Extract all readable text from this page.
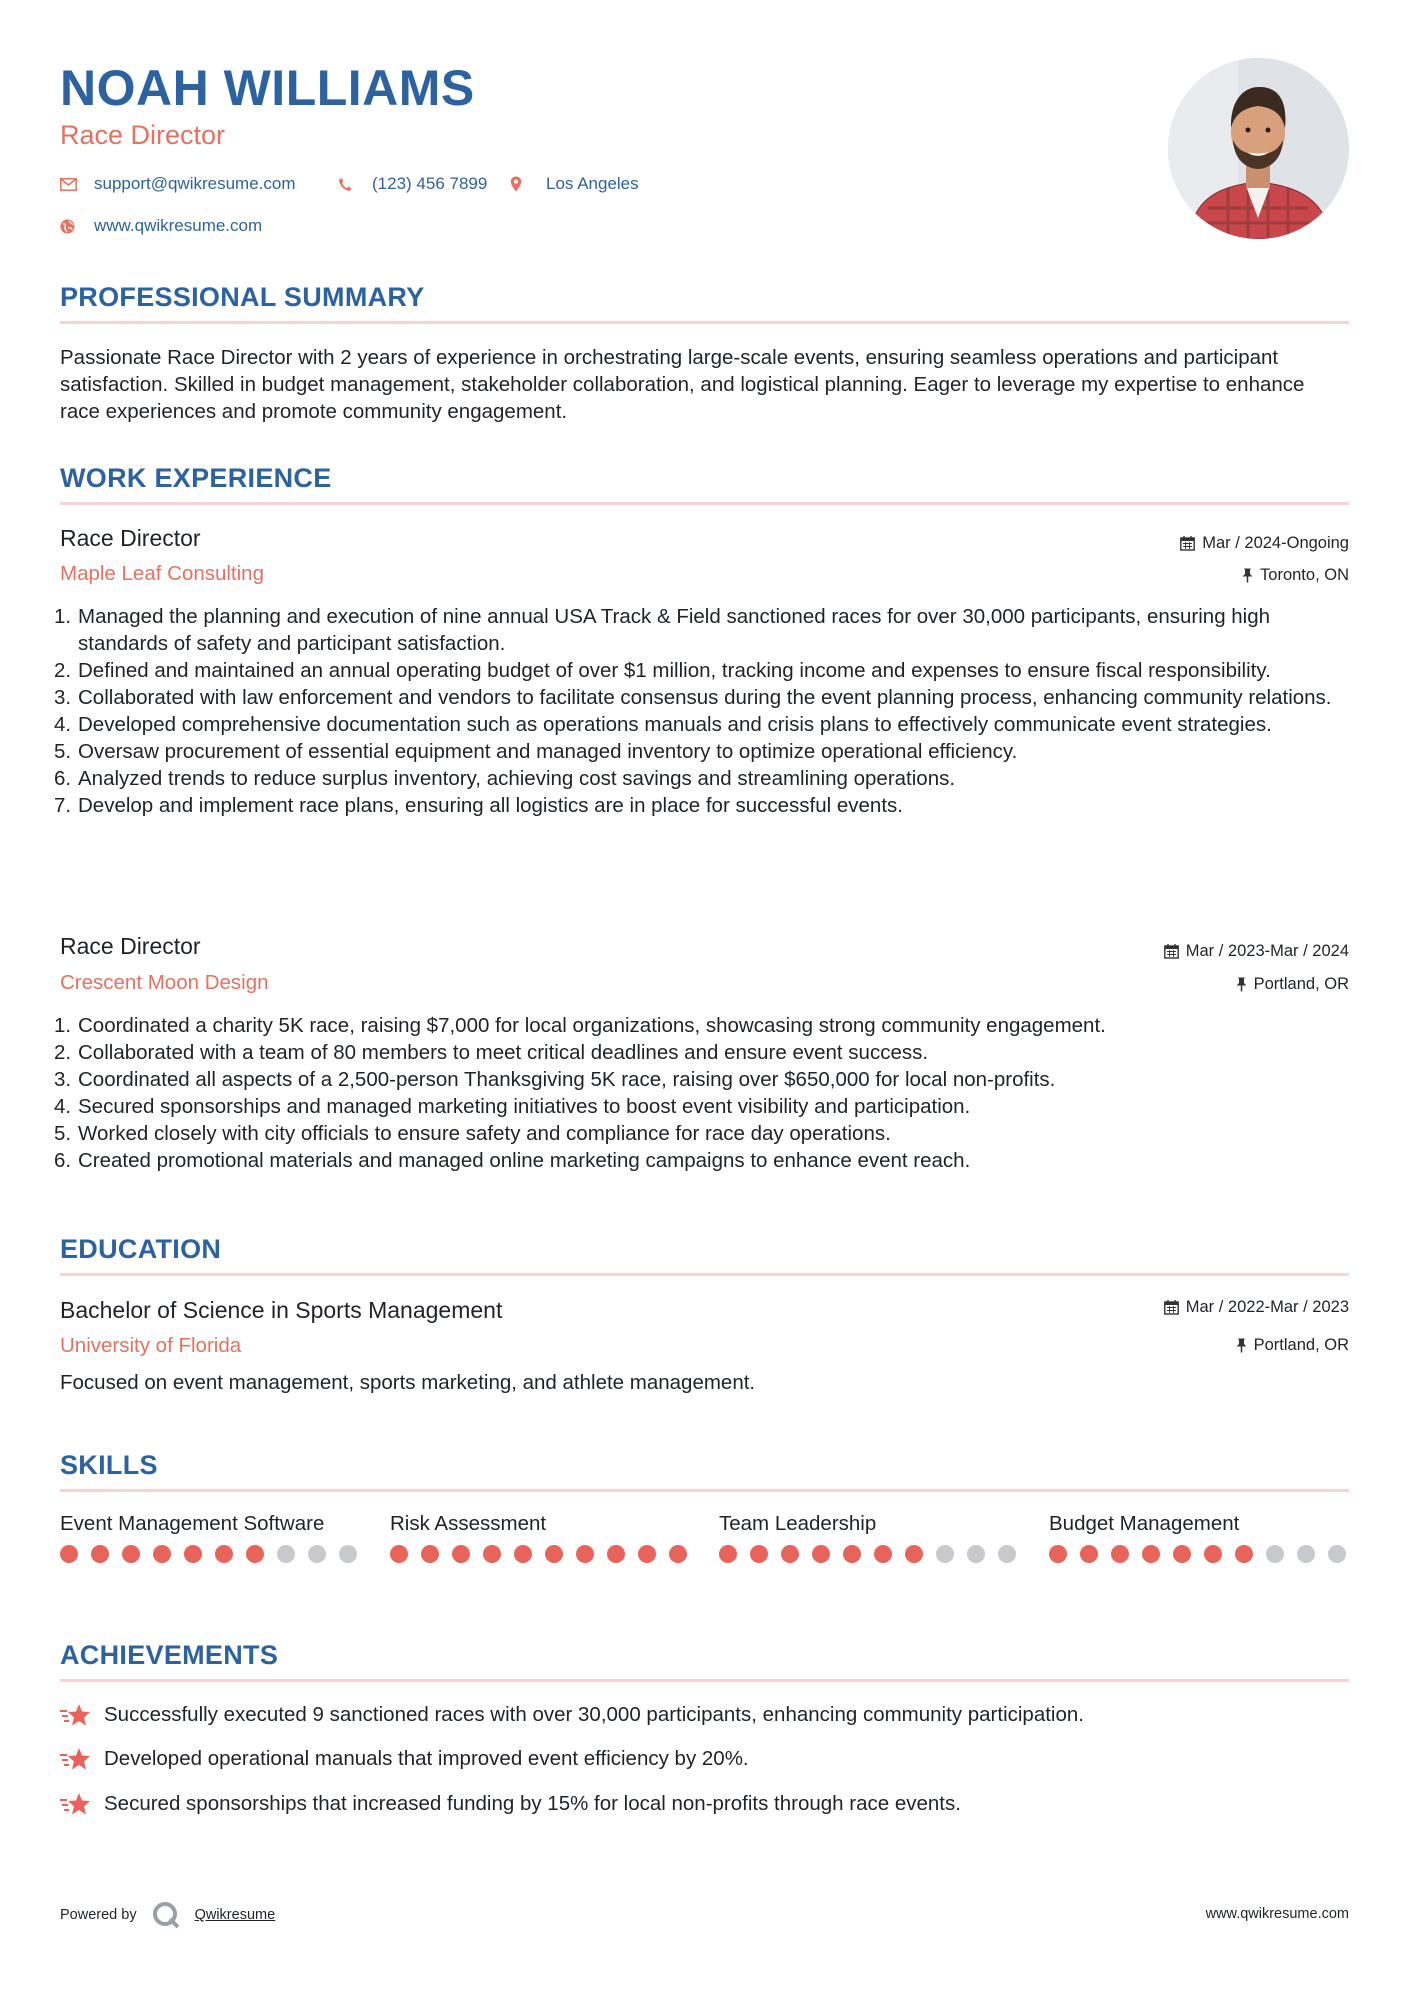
NOAH WILLIAMS
Race Director
support@qwikresume.com	(123) 456 7899	Los Angeles
www.qwikresume.com
PROFESSIONAL SUMMARY
Passionate Race Director with 2 years of experience in orchestrating large-scale events, ensuring seamless operations and participant satisfaction. Skilled in budget management, stakeholder collaboration, and logistical planning. Eager to leverage my expertise to enhance race experiences and promote community engagement.
WORK EXPERIENCE
Race Director	Mar / 2024-Ongoing
Maple Leaf Consulting	Toronto, ON
1. Managed the planning and execution of nine annual USA Track & Field sanctioned races for over 30,000 participants, ensuring high standards of safety and participant satisfaction.
2. Defined and maintained an annual operating budget of over $1 million, tracking income and expenses to ensure fiscal responsibility.
3. Collaborated with law enforcement and vendors to facilitate consensus during the event planning process, enhancing community relations.
4. Developed comprehensive documentation such as operations manuals and crisis plans to effectively communicate event strategies.
5. Oversaw procurement of essential equipment and managed inventory to optimize operational efficiency.
6. Analyzed trends to reduce surplus inventory, achieving cost savings and streamlining operations.
7. Develop and implement race plans, ensuring all logistics are in place for successful events.
Race Director	Mar / 2023-Mar / 2024
Crescent Moon Design	Portland, OR
1. Coordinated a charity 5K race, raising $7,000 for local organizations, showcasing strong community engagement.
2. Collaborated with a team of 80 members to meet critical deadlines and ensure event success.
3. Coordinated all aspects of a 2,500-person Thanksgiving 5K race, raising over $650,000 for local non-profits.
4. Secured sponsorships and managed marketing initiatives to boost event visibility and participation.
5. Worked closely with city officials to ensure safety and compliance for race day operations.
6. Created promotional materials and managed online marketing campaigns to enhance event reach.
EDUCATION
Bachelor of Science in Sports Management	Mar / 2022-Mar / 2023
University of Florida	Portland, OR
Focused on event management, sports marketing, and athlete management.
SKILLS
Event Management Software	Risk Assessment	Team Leadership	Budget Management
ACHIEVEMENTS
Successfully executed 9 sanctioned races with over 30,000 participants, enhancing community participation.
Developed operational manuals that improved event efficiency by 20%.
Secured sponsorships that increased funding by 15% for local non-profits through race events.
Powered by	Qwikresume	www.qwikresume.com
